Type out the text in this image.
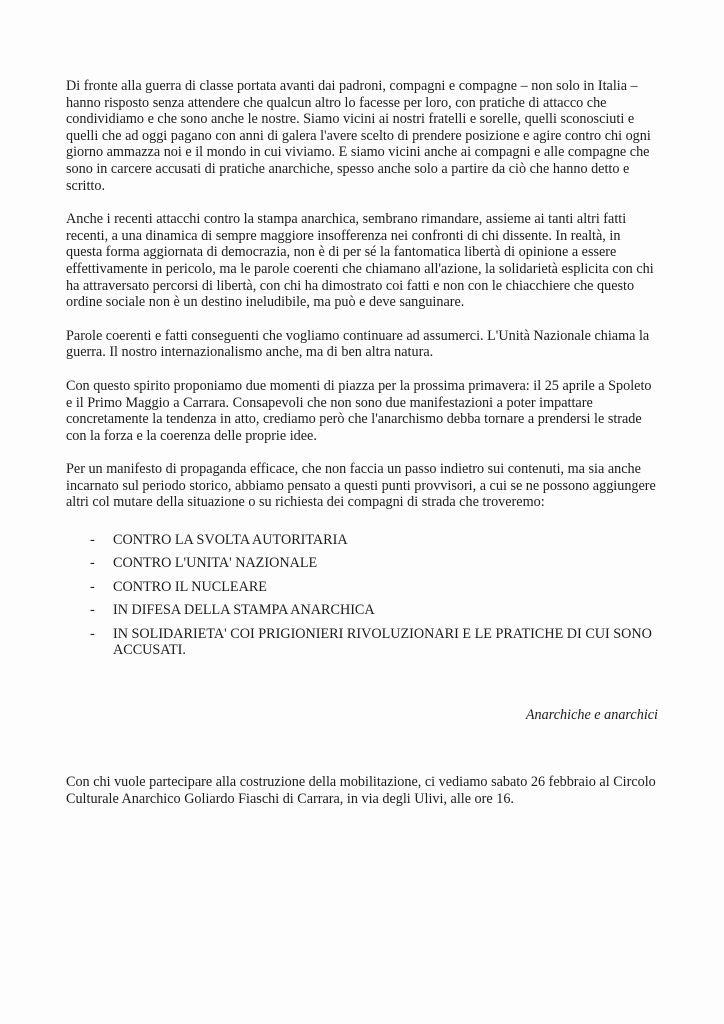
Di fronte alla guerra di classe portata avanti dai padroni, compagni e compagne – non solo in Italia – hanno risposto senza attendere che qualcun altro lo facesse per loro, con pratiche di attacco che condividiamo e che sono anche le nostre. Siamo vicini ai nostri fratelli e sorelle, quelli sconosciuti e quelli che ad oggi pagano con anni di galera l'avere scelto di prendere posizione e agire contro chi ogni giorno ammazza noi e il mondo in cui viviamo. E siamo vicini anche ai compagni e alle compagne che sono in carcere accusati di pratiche anarchiche, spesso anche solo a partire da ciò che hanno detto e scritto.

Anche i recenti attacchi contro la stampa anarchica, sembrano rimandare, assieme ai tanti altri fatti recenti, a una dinamica di sempre maggiore insofferenza nei confronti di chi dissente. In realtà, in questa forma aggiornata di democrazia, non è di per sé la fantomatica libertà di opinione a essere effettivamente in pericolo, ma le parole coerenti che chiamano all'azione, la solidarietà esplicita con chi ha attraversato percorsi di libertà, con chi ha dimostrato coi fatti e non con le chiacchiere che questo ordine sociale non è un destino ineludibile, ma può e deve sanguinare.

Parole coerenti e fatti conseguenti che vogliamo continuare ad assumerci. L'Unità Nazionale chiama la guerra. Il nostro internazionalismo anche, ma di ben altra natura.

Con questo spirito proponiamo due momenti di piazza per la prossima primavera: il 25 aprile a Spoleto e il Primo Maggio a Carrara. Consapevoli che non sono due manifestazioni a poter impattare concretamente la tendenza in atto, crediamo però che l'anarchismo debba tornare a prendersi le strade con la forza e la coerenza delle proprie idee.

Per un manifesto di propaganda efficace, che non faccia un passo indietro sui contenuti, ma sia anche incarnato sul periodo storico, abbiamo pensato a questi punti provvisori, a cui se ne possono aggiungere altri col mutare della situazione o su richiesta dei compagni di strada che troveremo:

-
CONTRO LA SVOLTA AUTORITARIA
-
CONTRO L'UNITA' NAZIONALE
-
CONTRO IL NUCLEARE
-
IN DIFESA DELLA STAMPA ANARCHICA
-
IN SOLIDARIETA' COI PRIGIONIERI RIVOLUZIONARI E LE PRATICHE DI CUI SONO ACCUSATI.

Anarchiche e anarchici

Con chi vuole partecipare alla costruzione della mobilitazione, ci vediamo sabato 26 febbraio al Circolo Culturale Anarchico Goliardo Fiaschi di Carrara, in via degli Ulivi, alle ore 16.
